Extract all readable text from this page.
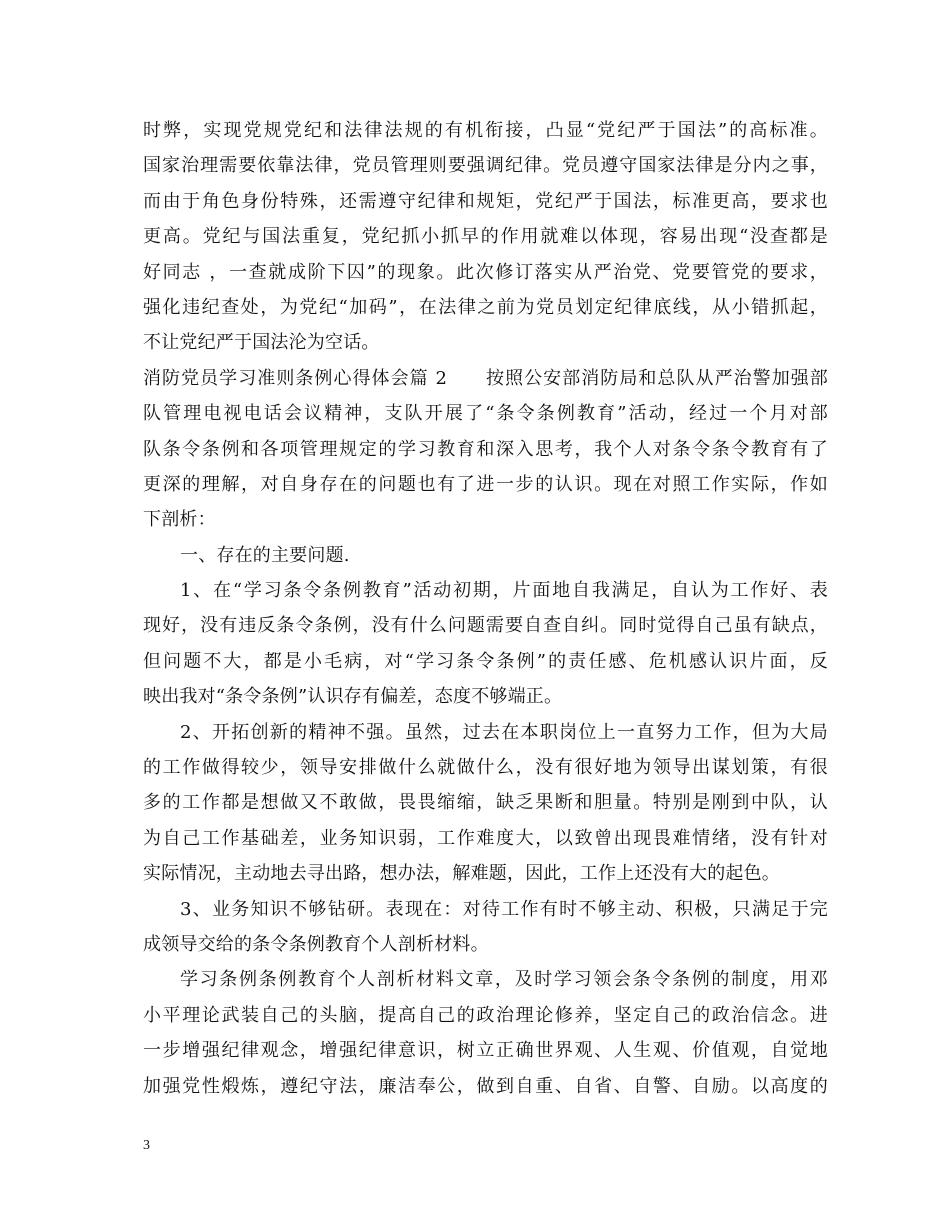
时弊，实现党规党纪和法律法规的有机衔接，凸显“党纪严于国法”的高标准。
国家治理需要依靠法律，党员管理则要强调纪律。党员遵守国家法律是分内之事，
而由于角色身份特殊，还需遵守纪律和规矩，党纪严于国法，标准更高，要求也
更高。党纪与国法重复，党纪抓小抓早的作用就难以体现，容易出现“没查都是
好同志 ，一查就成阶下囚”的现象。此次修订落实从严治党、党要管党的要求，
强化违纪查处，为党纪“加码”，在法律之前为党员划定纪律底线，从小错抓起，
不让党纪严于国法沦为空话。
消防党员学习准则条例心得体会篇 2　　按照公安部消防局和总队从严治警加强部
队管理电视电话会议精神，支队开展了“条令条例教育”活动，经过一个月对部
队条令条例和各项管理规定的学习教育和深入思考，我个人对条令条令教育有了
更深的理解，对自身存在的问题也有了进一步的认识。现在对照工作实际，作如
下剖析：
一、存在的主要问题.
1、在“学习条令条例教育”活动初期，片面地自我满足，自认为工作好、表
现好，没有违反条令条例，没有什么问题需要自查自纠。同时觉得自己虽有缺点，
但问题不大，都是小毛病，对“学习条令条例”的责任感、危机感认识片面，反
映出我对“条令条例”认识存有偏差，态度不够端正。
2、开拓创新的精神不强。虽然，过去在本职岗位上一直努力工作，但为大局
的工作做得较少，领导安排做什么就做什么，没有很好地为领导出谋划策，有很
多的工作都是想做又不敢做，畏畏缩缩，缺乏果断和胆量。特别是刚到中队，认
为自己工作基础差，业务知识弱，工作难度大，以致曾出现畏难情绪，没有针对
实际情况，主动地去寻出路，想办法，解难题，因此，工作上还没有大的起色。
3、业务知识不够钻研。表现在：对待工作有时不够主动、积极，只满足于完
成领导交给的条令条例教育个人剖析材料。
学习条例条例教育个人剖析材料文章，及时学习领会条令条例的制度，用邓
小平理论武装自己的头脑，提高自己的政治理论修养，坚定自己的政治信念。进
一步增强纪律观念，增强纪律意识，树立正确世界观、人生观、价值观，自觉地
加强党性煅炼，遵纪守法，廉洁奉公，做到自重、自省、自警、自励。以高度的
3
